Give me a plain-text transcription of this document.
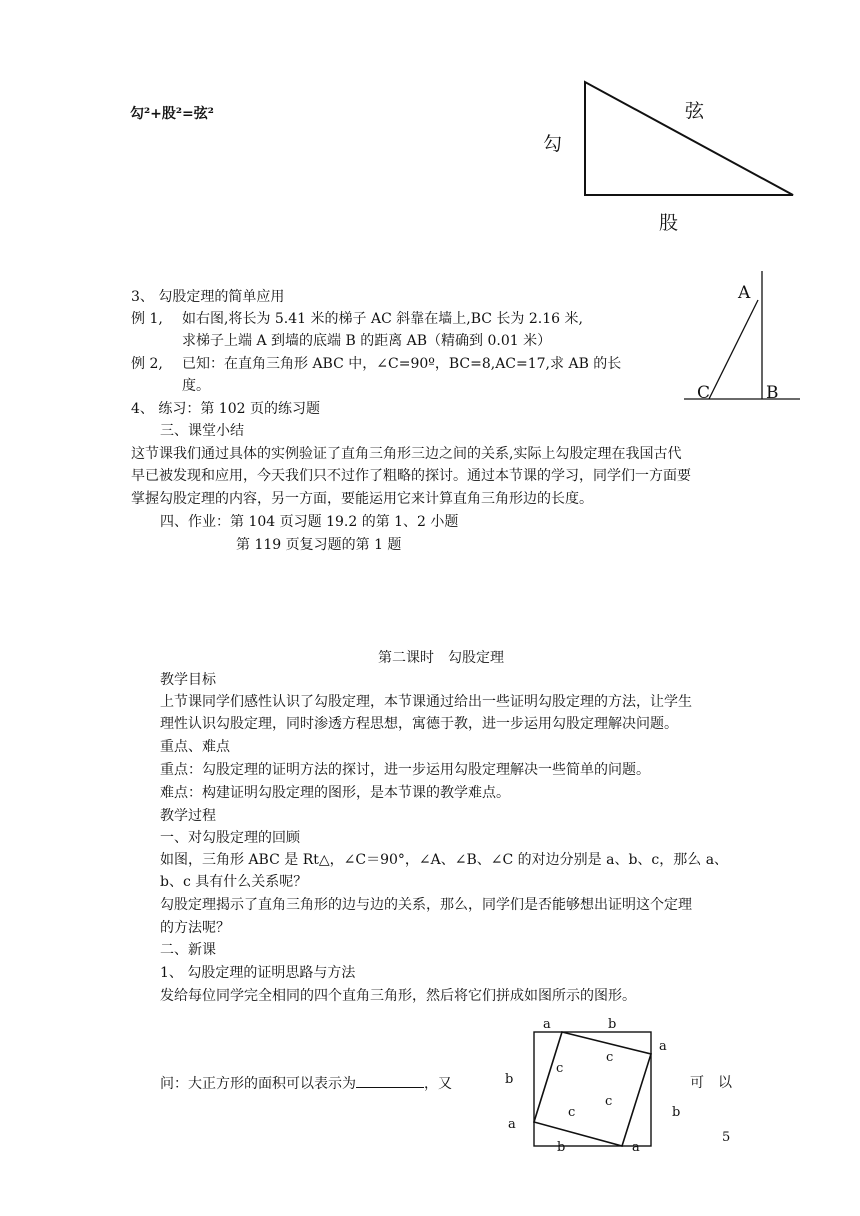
勾²+股²=弦²
勾
股
弦
A
B
C
3、 勾股定理的简单应用
例 1, 如右图,将长为 5.41 米的梯子 AC 斜靠在墙上,BC 长为 2.16 米,
求梯子上端 A 到墙的底端 B 的距离 AB（精确到 0.01 米）
例 2, 已知：在直角三角形 ABC 中，∠C=90º，BC=8,AC=17,求 AB 的长
度。
4、 练习：第 102 页的练习题
三、课堂小结
这节课我们通过具体的实例验证了直角三角形三边之间的关系,实际上勾股定理在我国古代
早已被发现和应用，今天我们只不过作了粗略的探讨。通过本节课的学习，同学们一方面要
掌握勾股定理的内容，另一方面，要能运用它来计算直角三角形边的长度。
四、作业：第 104 页习题 19.2 的第 1、2 小题
第 119 页复习题的第 1 题
第二课时　勾股定理
教学目标
上节课同学们感性认识了勾股定理，本节课通过给出一些证明勾股定理的方法，让学生
理性认识勾股定理，同时渗透方程思想，寓德于教，进一步运用勾股定理解决问题。
重点、难点
重点：勾股定理的证明方法的探讨，进一步运用勾股定理解决一些简单的问题。
难点：构建证明勾股定理的图形，是本节课的教学难点。
教学过程
一、对勾股定理的回顾
如图，三角形 ABC 是 Rt△，∠C＝90°，∠A、∠B、∠C 的对边分别是 a、b、c，那么 a、
b、c 具有什么关系呢？
勾股定理揭示了直角三角形的边与边的关系，那么，同学们是否能够想出证明这个定理
的方法呢？
二、新课
1、 勾股定理的证明思路与方法
发给每位同学完全相同的四个直角三角形，然后将它们拼成如图所示的图形。
问：大正方形的面积可以表示为	，又	可　以
a	b
a
b
b
a
b	a
c
c
c
c
5
